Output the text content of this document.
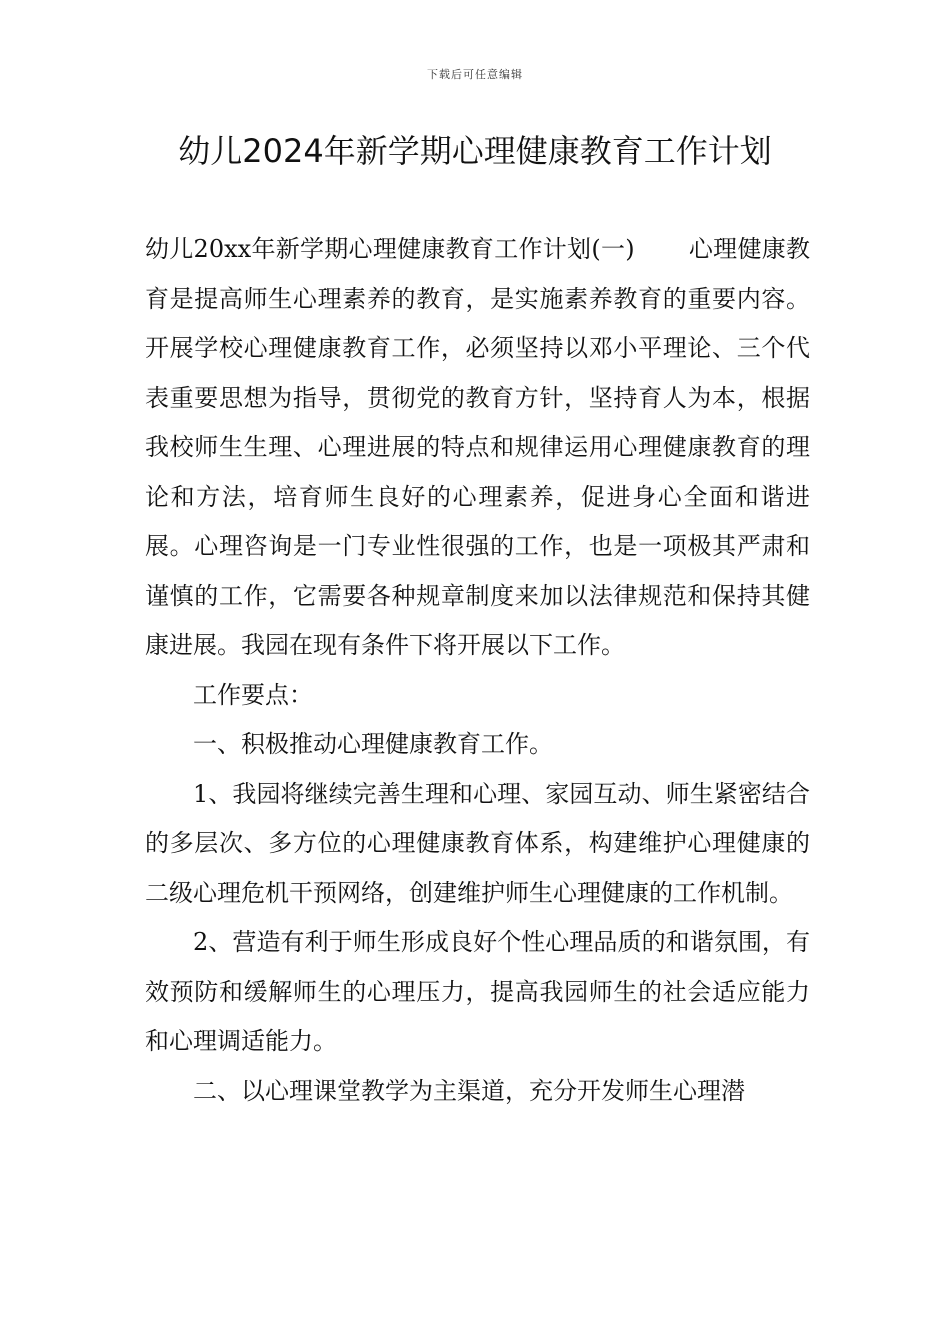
下载后可任意编辑
幼儿2024年新学期心理健康教育工作计划

幼儿20xx年新学期心理健康教育工作计划(一) 心理健康教育是提高师生心理素养的教育，是实施素养教育的重要内容。开展学校心理健康教育工作，必须坚持以邓小平理论、三个代表重要思想为指导，贯彻党的教育方针，坚持育人为本，根据我校师生生理、心理进展的特点和规律运用心理健康教育的理论和方法，培育师生良好的心理素养，促进身心全面和谐进展。心理咨询是一门专业性很强的工作，也是一项极其严肃和谨慎的工作，它需要各种规章制度来加以法律规范和保持其健康进展。我园在现有条件下将开展以下工作。

工作要点：

一、积极推动心理健康教育工作。

1、我园将继续完善生理和心理、家园互动、师生紧密结合的多层次、多方位的心理健康教育体系，构建维护心理健康的二级心理危机干预网络，创建维护师生心理健康的工作机制。

2、营造有利于师生形成良好个性心理品质的和谐氛围，有效预防和缓解师生的心理压力，提高我园师生的社会适应能力和心理调适能力。

二、以心理课堂教学为主渠道，充分开发师生心理潜
